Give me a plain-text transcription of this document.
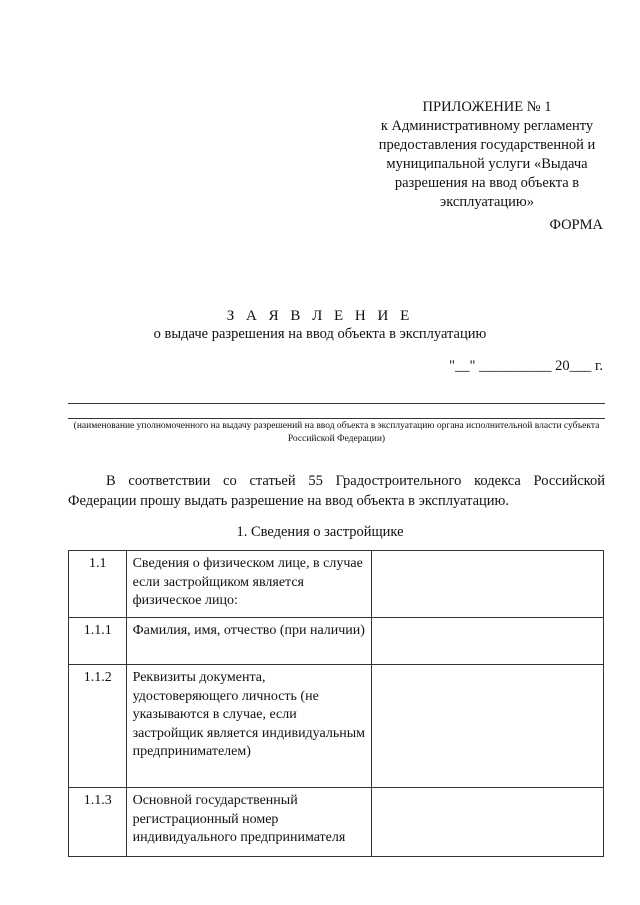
ПРИЛОЖЕНИЕ № 1
к Административному регламенту
предоставления государственной и
муниципальной услуги «Выдача
разрешения на ввод объекта в
эксплуатацию»
ФОРМА
З А Я В Л Е Н И Е
о выдаче разрешения на ввод объекта в эксплуатацию
"__" __________ 20___ г.
(наименование уполномоченного на выдачу разрешений на ввод объекта в эксплуатацию органа исполнительной власти субъекта Российской Федерации)
В соответствии со статьей 55 Градостроительного кодекса Российской Федерации прошу выдать разрешение на ввод объекта в эксплуатацию.
1. Сведения о застройщике
1.1	Сведения о физическом лице, в случае если застройщиком является физическое лицо:	
1.1.1	Фамилия, имя, отчество (при наличии)	
1.1.2	Реквизиты документа, удостоверяющего личность (не указываются в случае, если застройщик является индивидуальным предпринимателем)	
1.1.3	Основной государственный регистрационный номер индивидуального предпринимателя	
